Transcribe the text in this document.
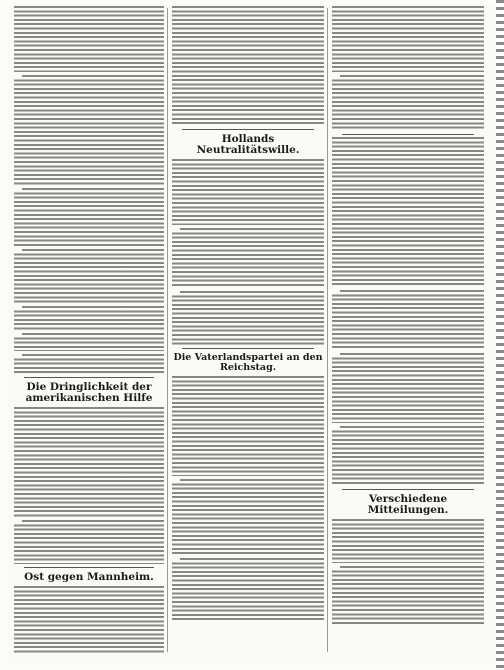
Die Dringlichkeit der amerikanischen Hilfe
Ost gegen Mannheim.
Hollands Neutralitätswille.
Die Vaterlandspartei an den Reichstag.
Verschiedene Mitteilungen.
